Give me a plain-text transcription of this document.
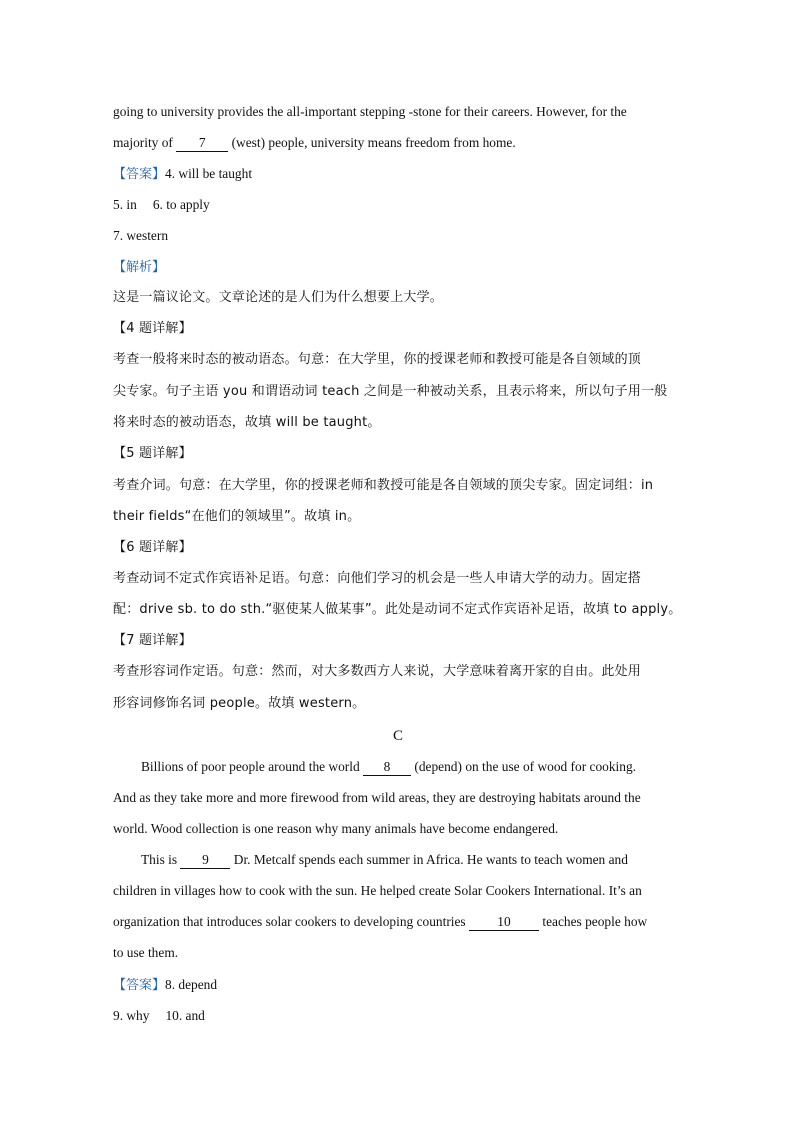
going to university provides the all-important stepping -stone for their careers. However, for the
majority of 7 (west) people, university means freedom from home.
【答案】4. will be taught
5. in 6. to apply
7. western
【解析】
这是一篇议论文。文章论述的是人们为什么想要上大学。
【4 题详解】
考查一般将来时态的被动语态。句意：在大学里，你的授课老师和教授可能是各自领域的顶
尖专家。句子主语 you 和谓语动词 teach 之间是一种被动关系，且表示将来，所以句子用一般
将来时态的被动语态，故填 will be taught。
【5 题详解】
考查介词。句意：在大学里，你的授课老师和教授可能是各自领域的顶尖专家。固定词组：in
their fields“在他们的领域里”。故填 in。
【6 题详解】
考查动词不定式作宾语补足语。句意：向他们学习的机会是一些人申请大学的动力。固定搭
配：drive sb. to do sth.“驱使某人做某事”。此处是动词不定式作宾语补足语，故填 to apply。
【7 题详解】
考查形容词作定语。句意：然而，对大多数西方人来说，大学意味着离开家的自由。此处用
形容词修饰名词 people。故填 western。
C
Billions of poor people around the world 8 (depend) on the use of wood for cooking.
And as they take more and more firewood from wild areas, they are destroying habitats around the
world. Wood collection is one reason why many animals have become endangered.
This is 9 Dr. Metcalf spends each summer in Africa. He wants to teach women and
children in villages how to cook with the sun. He helped create Solar Cookers International. It’s an
organization that introduces solar cookers to developing countries 10 teaches people how
to use them.
【答案】8. depend
9. why 10. and
